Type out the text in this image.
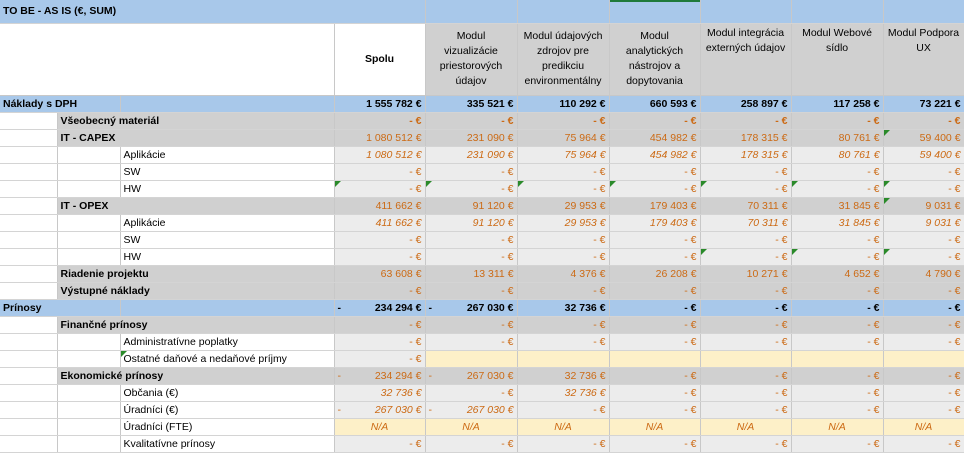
TO BE - AS IS (€, SUM)						

			Spolu	Modul vizualizácie priestorových údajov	Modul údajových zdrojov pre predikciu environmentálny	Modul analytických nástrojov a dopytovania	Modul integrácia externých údajov	Modul Webové sídlo	Modul Podpora UX
Náklady s DPH			1 555 782 €	335 521 €	110 292 €	660 593 €	258 897 €	117 258 €	73 221 €
	Všeobecný materiál		- €	- €	- €	- €	- €	- €	- €
	IT - CAPEX		1 080 512 €	231 090 €	75 964 €	454 982 €	178 315 €	80 761 €	59 400 €
		Aplikácie	1 080 512 €	231 090 €	75 964 €	454 982 €	178 315 €	80 761 €	59 400 €
		SW	- €	- €	- €	- €	- €	- €	- €
		HW	- €	- €	- €	- €	- €	- €	- €
	IT - OPEX		411 662 €	91 120 €	29 953 €	179 403 €	70 311 €	31 845 €	9 031 €
		Aplikácie	411 662 €	91 120 €	29 953 €	179 403 €	70 311 €	31 845 €	9 031 €
		SW	- €	- €	- €	- €	- €	- €	- €
		HW	- €	- €	- €	- €	- €	- €	- €
	Riadenie projektu		63 608 €	13 311 €	4 376 €	26 208 €	10 271 €	4 652 €	4 790 €
	Výstupné náklady		- €	- €	- €	- €	- €	- €	- €
Prínosy			- 234 294 €	- 267 030 €	32 736 €	- €	- €	- €	- €
	Finančné prínosy		- €	- €	- €	- €	- €	- €	- €
		Administratívne poplatky	- €	- €	- €	- €	- €	- €	- €
		Ostatné daňové a nedaňové príjmy	- €						
	Ekonomické prínosy		- 234 294 €	- 267 030 €	32 736 €	- €	- €	- €	- €
		Občania (€)	32 736 €	- €	32 736 €	- €	- €	- €	- €
		Úradníci (€)	- 267 030 €	- 267 030 €	- €	- €	- €	- €	- €
		Úradníci (FTE)	N/A	N/A	N/A	N/A	N/A	N/A	N/A
		Kvalitatívne prínosy	- €	- €	- €	- €	- €	- €	- €
